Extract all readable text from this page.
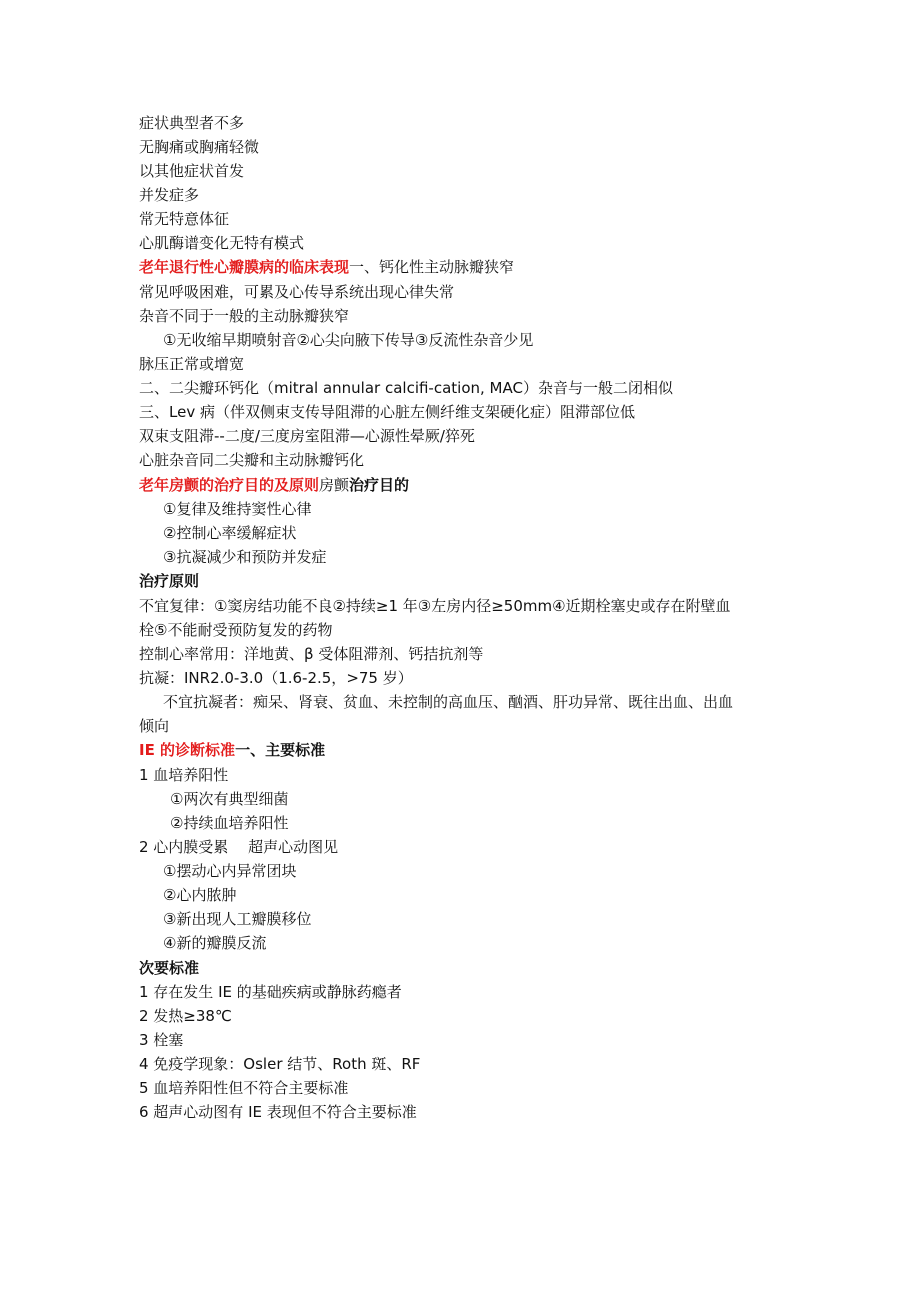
症状典型者不多
无胸痛或胸痛轻微
以其他症状首发
并发症多
常无特意体征
心肌酶谱变化无特有模式
老年退行性心瓣膜病的临床表现一、钙化性主动脉瓣狭窄
常见呼吸困难，可累及心传导系统出现心律失常
杂音不同于一般的主动脉瓣狭窄
①无收缩早期喷射音②心尖向腋下传导③反流性杂音少见
脉压正常或增宽
二、二尖瓣环钙化（mitral annular calcifi-cation, MAC）杂音与一般二闭相似
三、Lev 病（伴双侧束支传导阻滞的心脏左侧纤维支架硬化症）阻滞部位低
双束支阻滞--二度/三度房室阻滞—心源性晕厥/猝死
心脏杂音同二尖瓣和主动脉瓣钙化
老年房颤的治疗目的及原则房颤治疗目的
①复律及维持窦性心律
②控制心率缓解症状
③抗凝减少和预防并发症
治疗原则
不宜复律：①窦房结功能不良②持续≥1 年③左房内径≥50mm④近期栓塞史或存在附壁血
栓⑤不能耐受预防复发的药物
控制心率常用：洋地黄、β 受体阻滞剂、钙拮抗剂等
抗凝：INR2.0-3.0（1.6-2.5，>75 岁）
不宜抗凝者：痴呆、肾衰、贫血、未控制的高血压、酗酒、肝功异常、既往出血、出血
倾向
IE 的诊断标准一、主要标准
1 血培养阳性
①两次有典型细菌
②持续血培养阳性
2 心内膜受累　 超声心动图见
①摆动心内异常团块
②心内脓肿
③新出现人工瓣膜移位
④新的瓣膜反流
次要标准
1 存在发生 IE 的基础疾病或静脉药瘾者
2 发热≥38℃
3 栓塞
4 免疫学现象：Osler 结节、Roth 斑、RF
5 血培养阳性但不符合主要标准
6 超声心动图有 IE 表现但不符合主要标准
